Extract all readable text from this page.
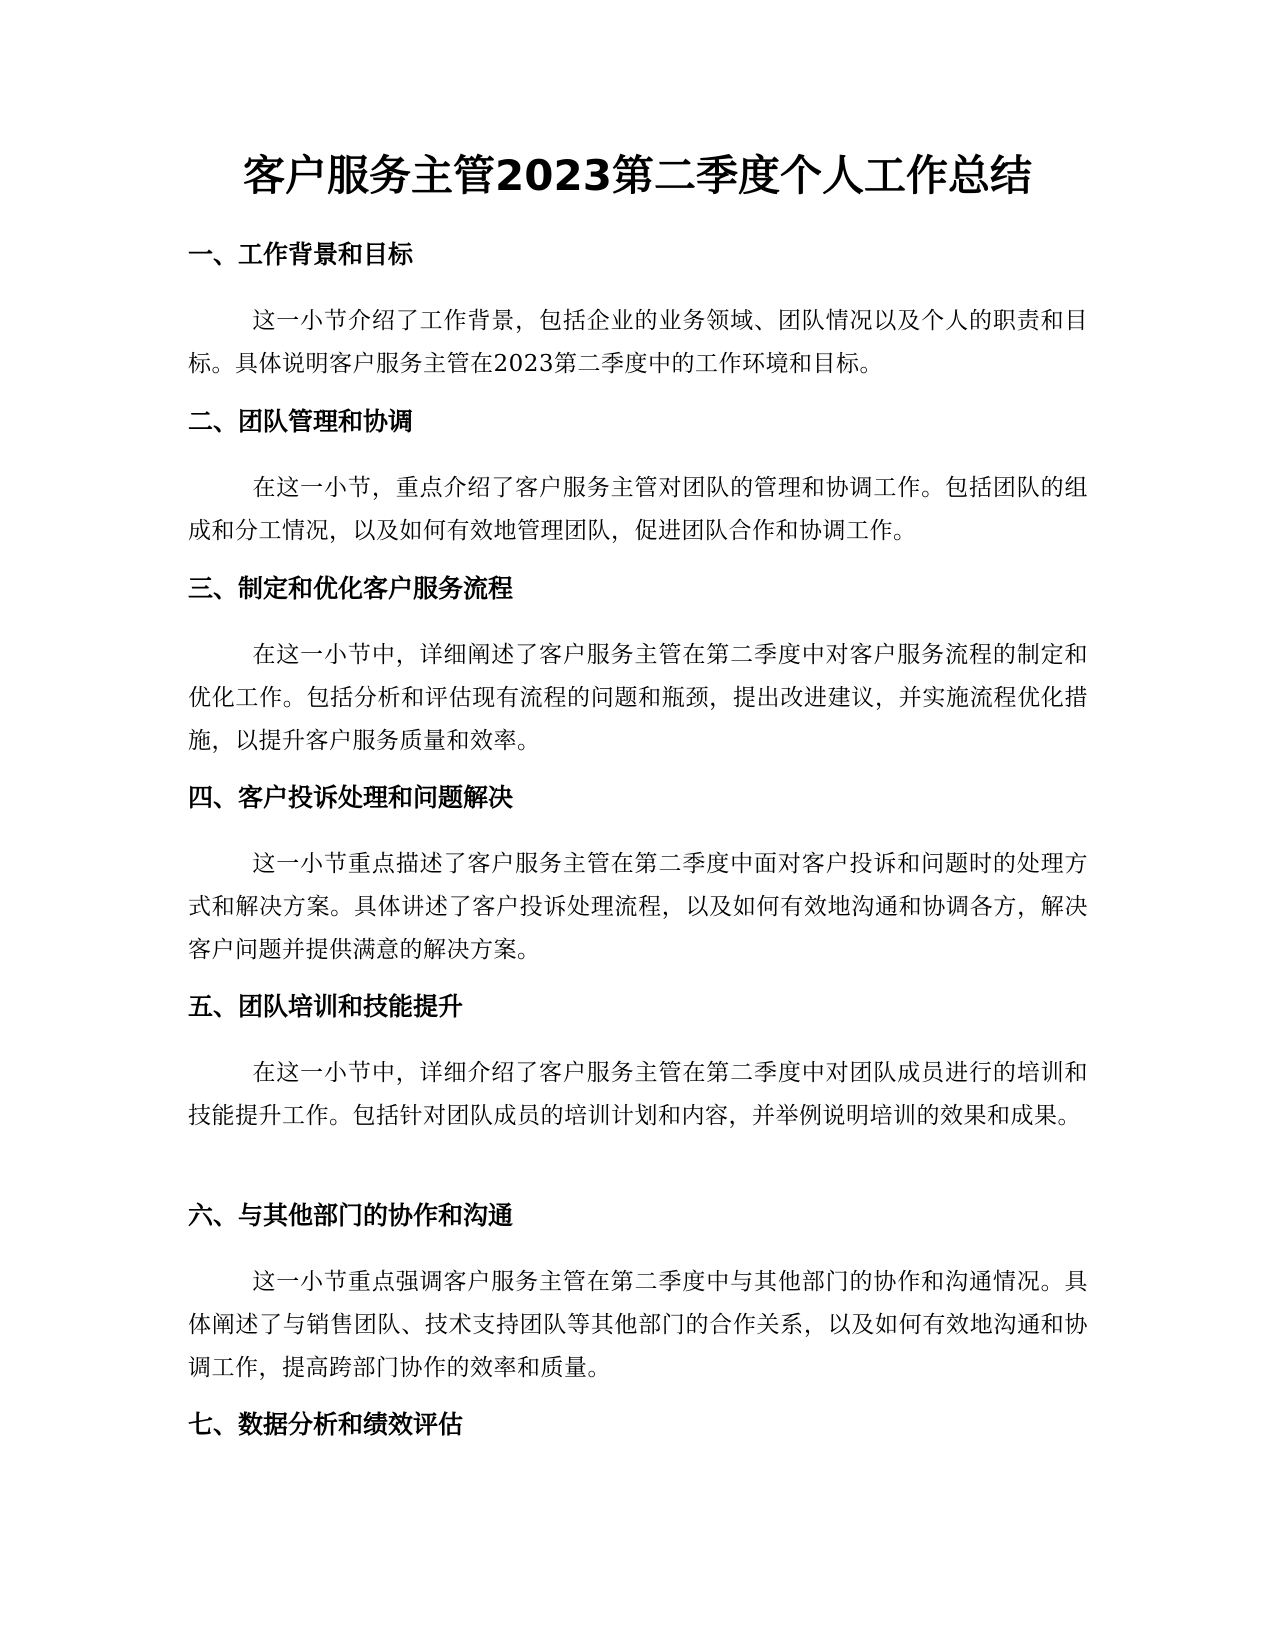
客户服务主管2023第二季度个人工作总结
一、工作背景和目标

这一小节介绍了工作背景，包括企业的业务领域、团队情况以及个人的职责和目标。具体说明客户服务主管在2023第二季度中的工作环境和目标。

二、团队管理和协调

在这一小节，重点介绍了客户服务主管对团队的管理和协调工作。包括团队的组成和分工情况，以及如何有效地管理团队，促进团队合作和协调工作。

三、制定和优化客户服务流程

在这一小节中，详细阐述了客户服务主管在第二季度中对客户服务流程的制定和优化工作。包括分析和评估现有流程的问题和瓶颈，提出改进建议，并实施流程优化措施，以提升客户服务质量和效率。

四、客户投诉处理和问题解决

这一小节重点描述了客户服务主管在第二季度中面对客户投诉和问题时的处理方式和解决方案。具体讲述了客户投诉处理流程，以及如何有效地沟通和协调各方，解决客户问题并提供满意的解决方案。

五、团队培训和技能提升

在这一小节中，详细介绍了客户服务主管在第二季度中对团队成员进行的培训和技能提升工作。包括针对团队成员的培训计划和内容，并举例说明培训的效果和成果。

六、与其他部门的协作和沟通

这一小节重点强调客户服务主管在第二季度中与其他部门的协作和沟通情况。具体阐述了与销售团队、技术支持团队等其他部门的合作关系，以及如何有效地沟通和协调工作，提高跨部门协作的效率和质量。

七、数据分析和绩效评估
